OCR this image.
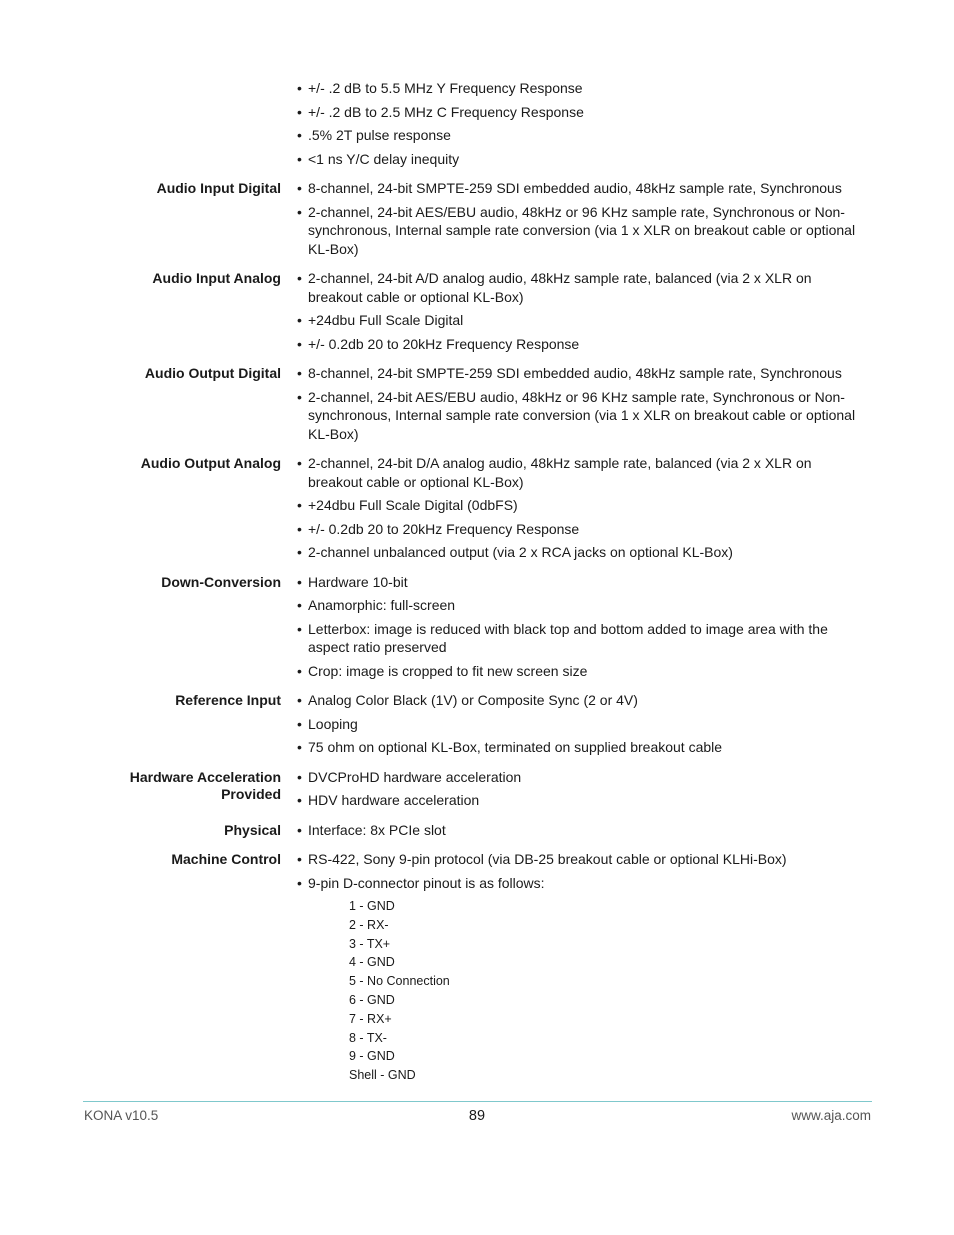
• +/- .2 dB to 5.5 MHz Y Frequency Response
• +/- .2 dB to 2.5 MHz C Frequency Response
• .5% 2T pulse response
• <1 ns Y/C delay inequity
Audio Input Digital • 8-channel, 24-bit SMPTE-259 SDI embedded audio, 48kHz sample rate, Synchronous
• 2-channel, 24-bit AES/EBU audio, 48kHz or 96 KHz sample rate, Synchronous or Non-synchronous, Internal sample rate conversion (via 1 x XLR on breakout cable or optional KL-Box)
Audio Input Analog • 2-channel, 24-bit A/D analog audio, 48kHz sample rate, balanced (via 2 x XLR on breakout cable or optional KL-Box)
• +24dbu Full Scale Digital
• +/- 0.2db 20 to 20kHz Frequency Response
Audio Output Digital • 8-channel, 24-bit SMPTE-259 SDI embedded audio, 48kHz sample rate, Synchronous
• 2-channel, 24-bit AES/EBU audio, 48kHz or 96 KHz sample rate, Synchronous or Non-synchronous, Internal sample rate conversion (via 1 x XLR on breakout cable or optional KL-Box)
Audio Output Analog • 2-channel, 24-bit D/A analog audio, 48kHz sample rate, balanced (via 2 x XLR on breakout cable or optional KL-Box)
• +24dbu Full Scale Digital (0dbFS)
• +/- 0.2db 20 to 20kHz Frequency Response
• 2-channel unbalanced output (via 2 x RCA jacks on optional KL-Box)
Down-Conversion • Hardware 10-bit
• Anamorphic: full-screen
• Letterbox: image is reduced with black top and bottom added to image area with the aspect ratio preserved
• Crop: image is cropped to fit new screen size
Reference Input • Analog Color Black (1V) or Composite Sync (2 or 4V)
• Looping
• 75 ohm on optional KL-Box, terminated on supplied breakout cable
Hardware Acceleration Provided
• DVCProHD hardware acceleration
• HDV hardware acceleration
Physical • Interface: 8x PCIe slot
Machine Control • RS-422, Sony 9-pin protocol (via DB-25 breakout cable or optional KLHi-Box)
• 9-pin D-connector pinout is as follows:
1 - GND
2 - RX-
3 - TX+
4 - GND
5 - No Connection
6 - GND
7 - RX+
8 - TX-
9 - GND
Shell - GND
KONA v10.5	89	www.aja.com
